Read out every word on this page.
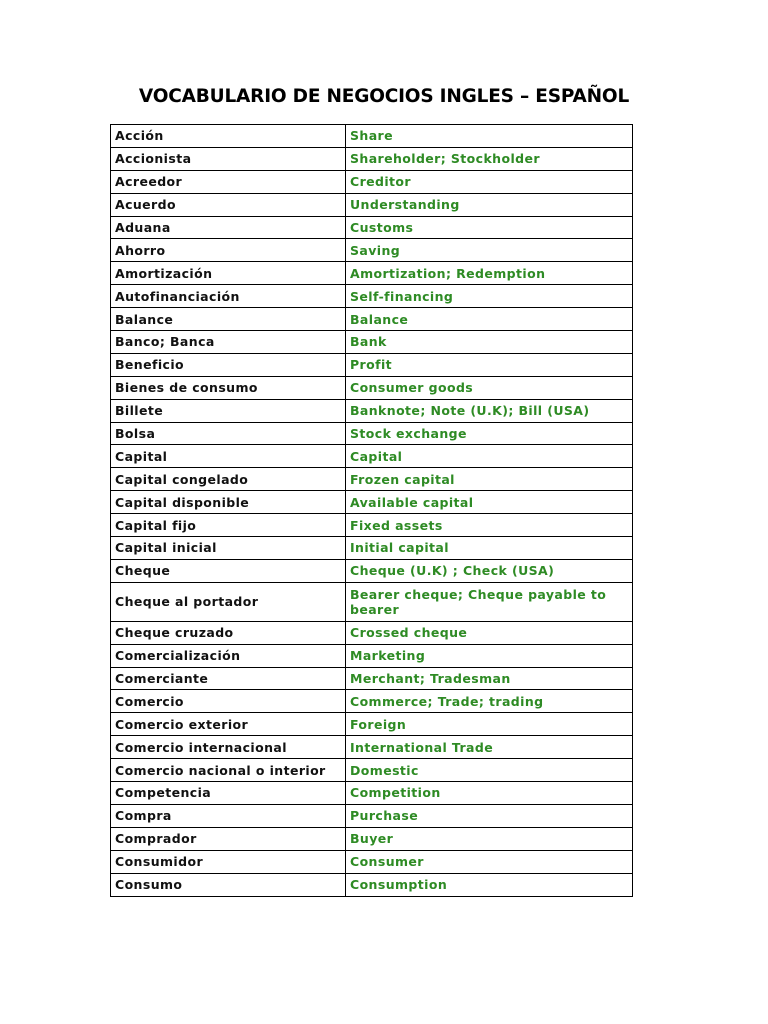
VOCABULARIO DE NEGOCIOS INGLES – ESPAÑOL
Acción	Share
Accionista	Shareholder; Stockholder
Acreedor	Creditor
Acuerdo	Understanding
Aduana	Customs
Ahorro	Saving
Amortización	Amortization; Redemption
Autofinanciación	Self-financing
Balance	Balance
Banco; Banca	Bank
Beneficio	Profit
Bienes de consumo	Consumer goods
Billete	Banknote; Note (U.K); Bill (USA)
Bolsa	Stock exchange
Capital	Capital
Capital congelado	Frozen capital
Capital disponible	Available capital
Capital fijo	Fixed assets
Capital inicial	Initial capital
Cheque	Cheque (U.K) ; Check (USA)
Cheque al portador	Bearer cheque; Cheque payable to bearer
Cheque cruzado	Crossed cheque
Comercialización	Marketing
Comerciante	Merchant; Tradesman
Comercio	Commerce; Trade; trading
Comercio exterior	Foreign
Comercio internacional	International Trade
Comercio nacional o interior	Domestic
Competencia	Competition
Compra	Purchase
Comprador	Buyer
Consumidor	Consumer
Consumo	Consumption
